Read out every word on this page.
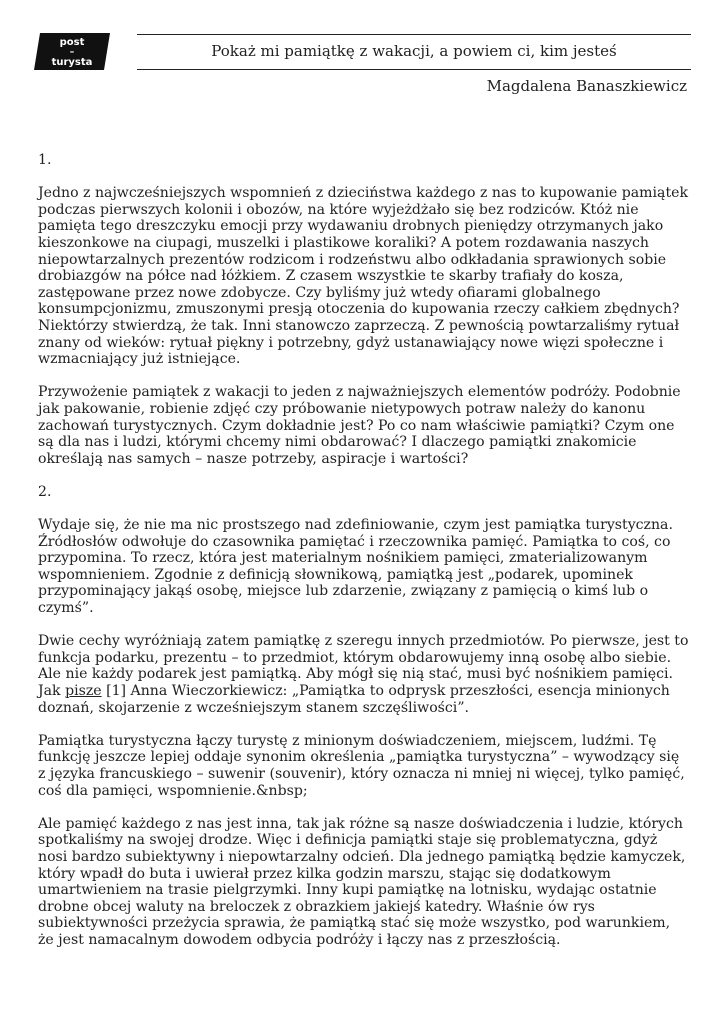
post
–
turysta
Pokaż mi pamiątkę z wakacji, a powiem ci, kim jesteś
Magdalena Banaszkiewicz

1.

Jedno z najwcześniejszych wspomnień z dzieciństwa każdego z nas to kupowanie pamiątek podczas pierwszych kolonii i obozów, na które wyjeżdżało się bez rodziców. Któż nie pamięta tego dreszczyku emocji przy wydawaniu drobnych pieniędzy otrzymanych jako kieszonkowe na ciupagi, muszelki i plastikowe koraliki? A potem rozdawania naszych niepowtarzalnych prezentów rodzicom i rodzeństwu albo odkładania sprawionych sobie drobiazgów na półce nad łóżkiem. Z czasem wszystkie te skarby trafiały do kosza, zastępowane przez nowe zdobycze. Czy byliśmy już wtedy ofiarami globalnego konsumpcjonizmu, zmuszonymi presją otoczenia do kupowania rzeczy całkiem zbędnych? Niektórzy stwierdzą, że tak. Inni stanowczo zaprzeczą. Z pewnością powtarzaliśmy rytuał znany od wieków: rytuał piękny i potrzebny, gdyż ustanawiający nowe więzi społeczne i wzmacniający już istniejące.

Przywożenie pamiątek z wakacji to jeden z najważniejszych elementów podróży. Podobnie jak pakowanie, robienie zdjęć czy próbowanie nietypowych potraw należy do kanonu zachowań turystycznych. Czym dokładnie jest? Po co nam właściwie pamiątki? Czym one są dla nas i ludzi, którymi chcemy nimi obdarować? I dlaczego pamiątki znakomicie określają nas samych – nasze potrzeby, aspiracje i wartości?

2.

Wydaje się, że nie ma nic prostszego nad zdefiniowanie, czym jest pamiątka turystyczna. Źródłosłów odwołuje do czasownika pamiętać i rzeczownika pamięć. Pamiątka to coś, co przypomina. To rzecz, która jest materialnym nośnikiem pamięci, zmaterializowanym wspomnieniem. Zgodnie z definicją słownikową, pamiątką jest „podarek, upominek przypominający jakąś osobę, miejsce lub zdarzenie, związany z pamięcią o kimś lub o czymś”.

Dwie cechy wyróżniają zatem pamiątkę z szeregu innych przedmiotów. Po pierwsze, jest to funkcja podarku, prezentu – to przedmiot, którym obdarowujemy inną osobę albo siebie. Ale nie każdy podarek jest pamiątką. Aby mógł się nią stać, musi być nośnikiem pamięci. Jak pisze [1] Anna Wieczorkiewicz: „Pamiątka to odprysk przeszłości, esencja minionych doznań, skojarzenie z wcześniejszym stanem szczęśliwości”.

Pamiątka turystyczna łączy turystę z minionym doświadczeniem, miejscem, ludźmi. Tę funkcję jeszcze lepiej oddaje synonim określenia „pamiątka turystyczna” – wywodzący się z języka francuskiego – suwenir (souvenir), który oznacza ni mniej ni więcej, tylko pamięć, coś dla pamięci, wspomnienie.&nbsp;

Ale pamięć każdego z nas jest inna, tak jak różne są nasze doświadczenia i ludzie, których spotkaliśmy na swojej drodze. Więc i definicja pamiątki staje się problematyczna, gdyż nosi bardzo subiektywny i niepowtarzalny odcień. Dla jednego pamiątką będzie kamyczek, który wpadł do buta i uwierał przez kilka godzin marszu, stając się dodatkowym umartwieniem na trasie pielgrzymki. Inny kupi pamiątkę na lotnisku, wydając ostatnie drobne obcej waluty na breloczek z obrazkiem jakiejś katedry. Właśnie ów rys subiektywności przeżycia sprawia, że pamiątką stać się może wszystko, pod warunkiem, że jest namacalnym dowodem odbycia podróży i łączy nas z przeszłością.
